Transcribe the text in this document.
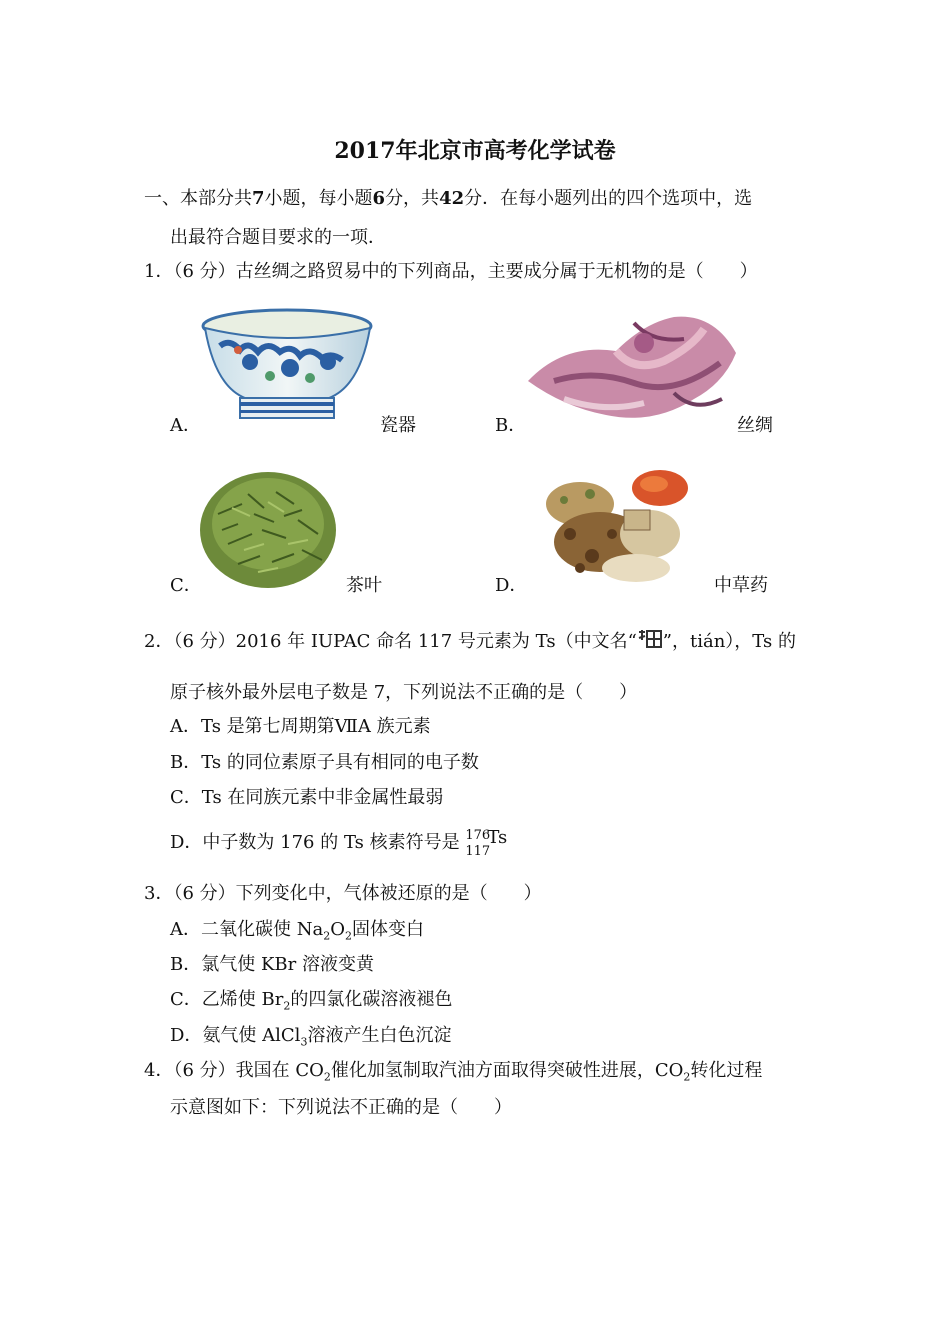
2017年北京市高考化学试卷
一、本部分共7小题，每小题6分，共42分．在每小题列出的四个选项中，选
出最符合题目要求的一项．
1．（6 分）古丝绸之路贸易中的下列商品，主要成分属于无机物的是（　　）
A．	瓷器	B．	丝绸
C．	茶叶	D．	中草药
2．（6 分）2016 年 IUPAC 命名 117 号元素为 Ts（中文名“ ”，tián），Ts 的
原子核外最外层电子数是 7，下列说法不正确的是（　　）
A．Ts 是第七周期第ⅦA 族元素
B．Ts 的同位素原子具有相同的电子数
C．Ts 在同族元素中非金属性最弱
D．中子数为 176 的 Ts 核素符号是 176
117
Ts
3．（6 分）下列变化中，气体被还原的是（　　）
A．二氧化碳使 $Na_2O_2$固体变白
B．氯气使 KBr 溶液变黄
C．乙烯使 $Br_2$的四氯化碳溶液褪色
D．氨气使 AlCl$_3$溶液产生白色沉淀
4．（6 分）我国在 $CO_2$催化加氢制取汽油方面取得突破性进展，$CO_2$转化过程
示意图如下：下列说法不正确的是（　　）
